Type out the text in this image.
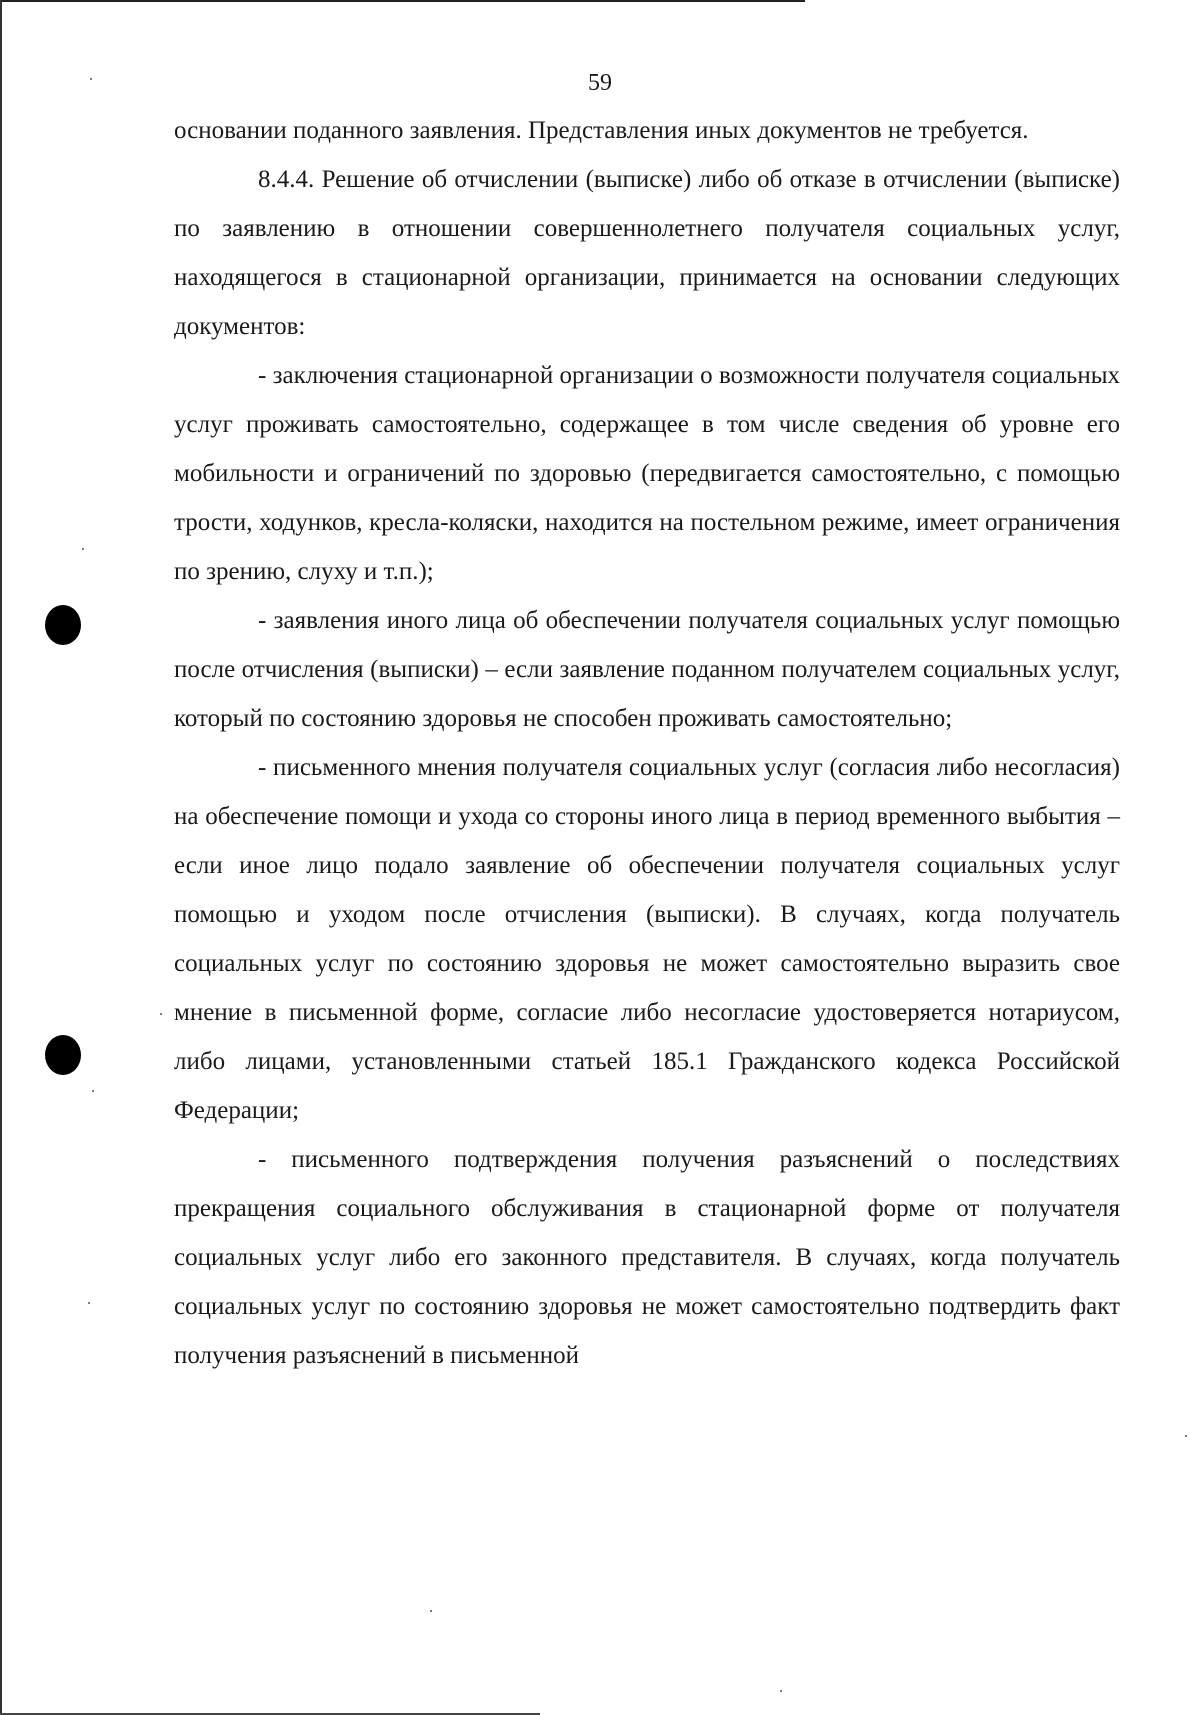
59

основании поданного заявления. Представления иных документов не требуется.

8.4.4. Решение об отчислении (выписке) либо об отказе в отчислении (выписке) по заявлению в отношении совершеннолетнего получателя социальных услуг, находящегося в стационарной организации, принимается на основании следующих документов:

- заключения стационарной организации о возможности получателя социальных услуг проживать самостоятельно, содержащее в том числе сведения об уровне его мобильности и ограничений по здоровью (передвигается самостоятельно, с помощью трости, ходунков, кресла-коляски, находится на постельном режиме, имеет ограничения по зрению, слуху и т.п.);

- заявления иного лица об обеспечении получателя социальных услуг помощью после отчисления (выписки) – если заявление поданном получателем социальных услуг, который по состоянию здоровья не способен проживать самостоятельно;

- письменного мнения получателя социальных услуг (согласия либо несогласия) на обеспечение помощи и ухода со стороны иного лица в период временного выбытия – если иное лицо подало заявление об обеспечении получателя социальных услуг помощью и уходом после отчисления (выписки). В случаях, когда получатель социальных услуг по состоянию здоровья не может самостоятельно выразить свое мнение в письменной форме, согласие либо несогласие удостоверяется нотариусом, либо лицами, установленными статьей 185.1 Гражданского кодекса Российской Федерации;

- письменного подтверждения получения разъяснений о последствиях прекращения социального обслуживания в стационарной форме от получателя социальных услуг либо его законного представителя. В случаях, когда получатель социальных услуг по состоянию здоровья не может самостоятельно подтвердить факт получения разъяснений в письменной
